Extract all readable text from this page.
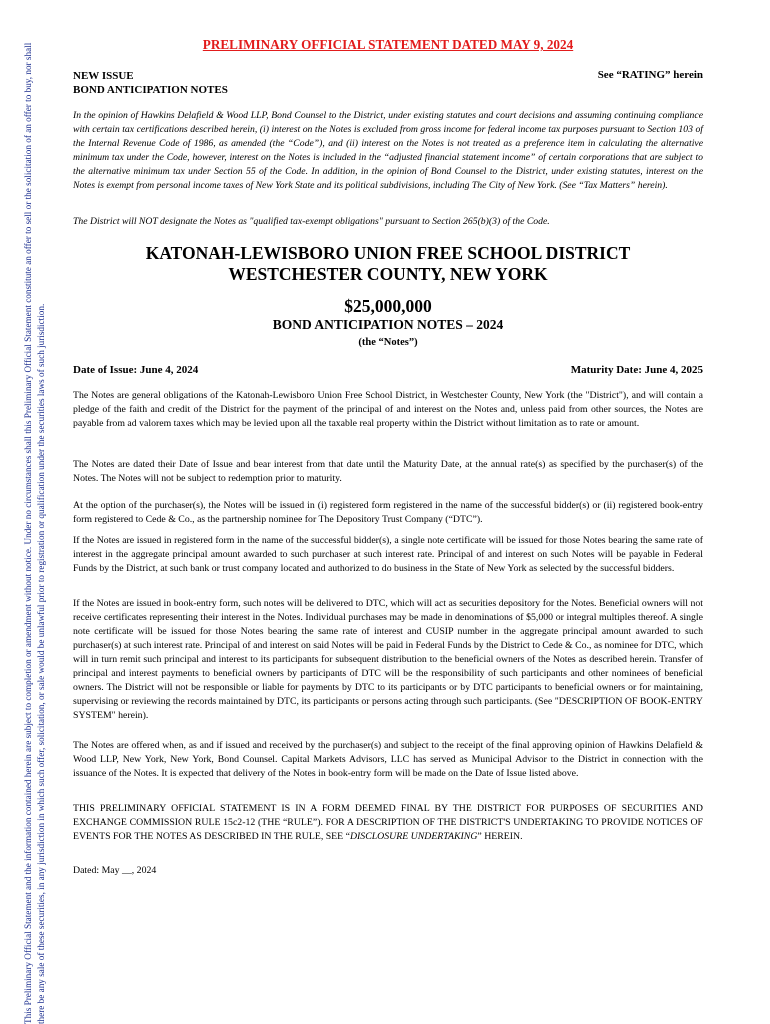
This Preliminary Official Statement and the information contained herein are subject to completion or amendment without notice. Under no circumstances shall this Preliminary Official Statement constitute an offer to sell or the solicitation of an offer to buy, nor shall there be any sale of these securities, in any jurisdiction in which such offer, solicitation, or sale would be unlawful prior to registration or qualification under the securities laws of such jurisdiction.
PRELIMINARY OFFICIAL STATEMENT DATED MAY 9, 2024
NEW ISSUE
BOND ANTICIPATION NOTES
See “RATING” herein
In the opinion of Hawkins Delafield & Wood LLP, Bond Counsel to the District, under existing statutes and court decisions and assuming continuing compliance with certain tax certifications described herein, (i) interest on the Notes is excluded from gross income for federal income tax purposes pursuant to Section 103 of the Internal Revenue Code of 1986, as amended (the “Code”), and (ii) interest on the Notes is not treated as a preference item in calculating the alternative minimum tax under the Code, however, interest on the Notes is included in the “adjusted financial statement income” of certain corporations that are subject to the alternative minimum tax under Section 55 of the Code. In addition, in the opinion of Bond Counsel to the District, under existing statutes, interest on the Notes is exempt from personal income taxes of New York State and its political subdivisions, including The City of New York. (See “Tax Matters” herein).
The District will NOT designate the Notes as "qualified tax-exempt obligations" pursuant to Section 265(b)(3) of the Code.
KATONAH-LEWISBORO UNION FREE SCHOOL DISTRICT
WESTCHESTER COUNTY, NEW YORK
$25,000,000
BOND ANTICIPATION NOTES – 2024
(the “Notes”)
Date of Issue: June 4, 2024	Maturity Date: June 4, 2025

The Notes are general obligations of the Katonah-Lewisboro Union Free School District, in Westchester County, New York (the "District"), and will contain a pledge of the faith and credit of the District for the payment of the principal of and interest on the Notes and, unless paid from other sources, the Notes are payable from ad valorem taxes which may be levied upon all the taxable real property within the District without limitation as to rate or amount.

The Notes are dated their Date of Issue and bear interest from that date until the Maturity Date, at the annual rate(s) as specified by the purchaser(s) of the Notes. The Notes will not be subject to redemption prior to maturity.

At the option of the purchaser(s), the Notes will be issued in (i) registered form registered in the name of the successful bidder(s) or (ii) registered book-entry form registered to Cede & Co., as the partnership nominee for The Depository Trust Company (“DTC”).

If the Notes are issued in registered form in the name of the successful bidder(s), a single note certificate will be issued for those Notes bearing the same rate of interest in the aggregate principal amount awarded to such purchaser at such interest rate. Principal of and interest on such Notes will be payable in Federal Funds by the District, at such bank or trust company located and authorized to do business in the State of New York as selected by the successful bidders.

If the Notes are issued in book-entry form, such notes will be delivered to DTC, which will act as securities depository for the Notes. Beneficial owners will not receive certificates representing their interest in the Notes. Individual purchases may be made in denominations of $5,000 or integral multiples thereof. A single note certificate will be issued for those Notes bearing the same rate of interest and CUSIP number in the aggregate principal amount awarded to such purchaser(s) at such interest rate. Principal of and interest on said Notes will be paid in Federal Funds by the District to Cede & Co., as nominee for DTC, which will in turn remit such principal and interest to its participants for subsequent distribution to the beneficial owners of the Notes as described herein. Transfer of principal and interest payments to beneficial owners by participants of DTC will be the responsibility of such participants and other nominees of beneficial owners. The District will not be responsible or liable for payments by DTC to its participants or by DTC participants to beneficial owners or for maintaining, supervising or reviewing the records maintained by DTC, its participants or persons acting through such participants. (See "DESCRIPTION OF BOOK-ENTRY SYSTEM" herein).

The Notes are offered when, as and if issued and received by the purchaser(s) and subject to the receipt of the final approving opinion of Hawkins Delafield & Wood LLP, New York, New York, Bond Counsel. Capital Markets Advisors, LLC has served as Municipal Advisor to the District in connection with the issuance of the Notes. It is expected that delivery of the Notes in book-entry form will be made on the Date of Issue listed above.

THIS PRELIMINARY OFFICIAL STATEMENT IS IN A FORM DEEMED FINAL BY THE DISTRICT FOR PURPOSES OF SECURITIES AND EXCHANGE COMMISSION RULE 15c2-12 (THE “RULE”). FOR A DESCRIPTION OF THE DISTRICT'S UNDERTAKING TO PROVIDE NOTICES OF EVENTS FOR THE NOTES AS DESCRIBED IN THE RULE, SEE “DISCLOSURE UNDERTAKING” HEREIN.

Dated: May __, 2024
